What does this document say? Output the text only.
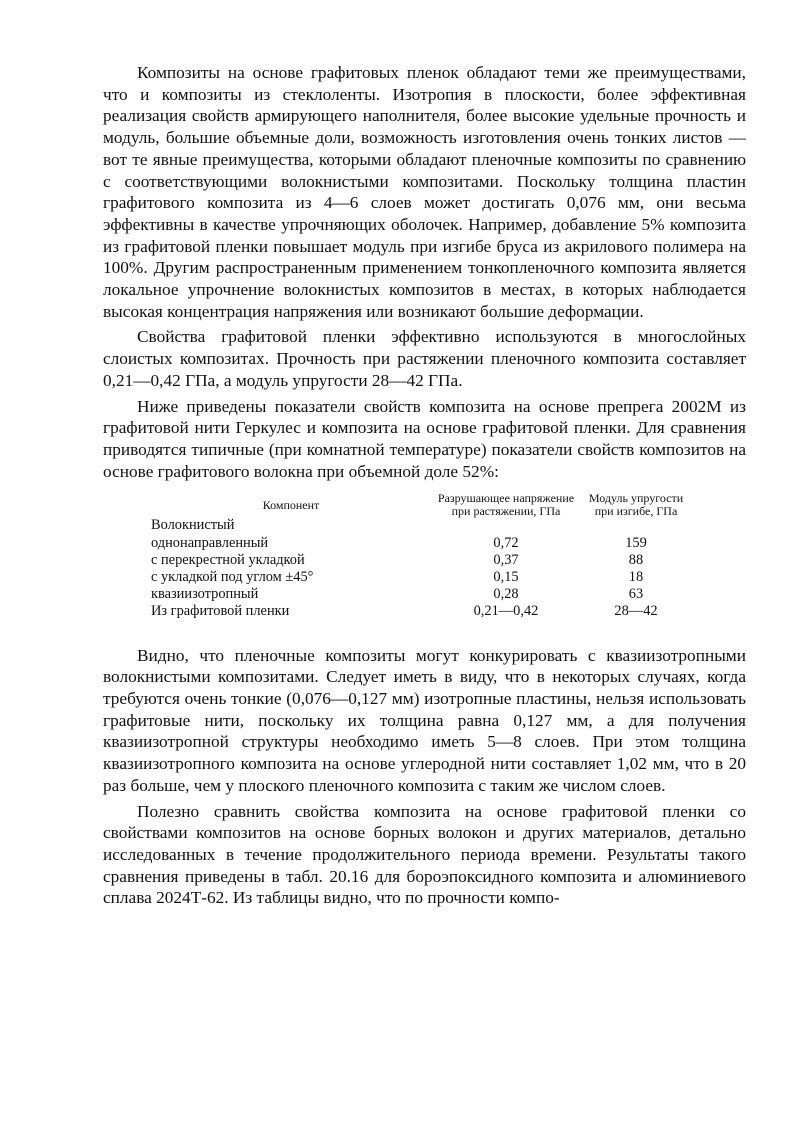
Композиты на основе графитовых пленок обладают теми же преимуществами, что и композиты из стеклоленты. Изотропия в плоскости, более эффективная реализация свойств армирующего наполнителя, более высокие удельные прочность и модуль, большие объемные доли, возможность изготовления очень тонких листов — вот те явные преимущества, которыми обладают пленочные композиты по сравнению с соответствующими волокнистыми композитами. Поскольку толщина пластин графитового композита из 4—6 слоев может достигать 0,076 мм, они весьма эффективны в качестве упрочняющих оболочек. Например, добавление 5% композита из графитовой пленки повышает модуль при изгибе бруса из акрилового полимера на 100%. Другим распространенным применением тонкопленочного композита является локальное упрочнение волокнистых композитов в местах, в которых наблюдается высокая концентрация напряжения или возникают большие деформации.

Свойства графитовой пленки эффективно используются в многослойных слоистых композитах. Прочность при растяжении пленочного композита составляет 0,21—0,42 ГПа, а модуль упругости 28—42 ГПа.

Ниже приведены показатели свойств композита на основе препрега 2002М из графитовой нити Геркулес и композита на основе графитовой пленки. Для сравнения приводятся типичные (при комнатной температуре) показатели свойств композитов на основе графитового волокна при объемной доле 52%:

Компонент	Разрушающее напряжение при растяжении, ГПа	Модуль упругости при изгибе, ГПа
Волокнистый		
однонаправленный	0,72	159
с перекрестной укладкой	0,37	88
с укладкой под углом ±45°	0,15	18
квазиизотропный	0,28	63
Из графитовой пленки	0,21—0,42	28—42

Видно, что пленочные композиты могут конкурировать с квазиизотропными волокнистыми композитами. Следует иметь в виду, что в некоторых случаях, когда требуются очень тонкие (0,076—0,127 мм) изотропные пластины, нельзя использовать графитовые нити, поскольку их толщина равна 0,127 мм, а для получения квазиизотропной структуры необходимо иметь 5—8 слоев. При этом толщина квазиизотропного композита на основе углеродной нити составляет 1,02 мм, что в 20 раз больше, чем у плоского пленочного композита с таким же числом слоев.

Полезно сравнить свойства композита на основе графитовой пленки со свойствами композитов на основе борных волокон и других материалов, детально исследованных в течение продолжительного периода времени. Результаты такого сравнения приведены в табл. 20.16 для бороэпоксидного композита и алюминиевого сплава 2024Т-62. Из таблицы видно, что по прочности компо-
